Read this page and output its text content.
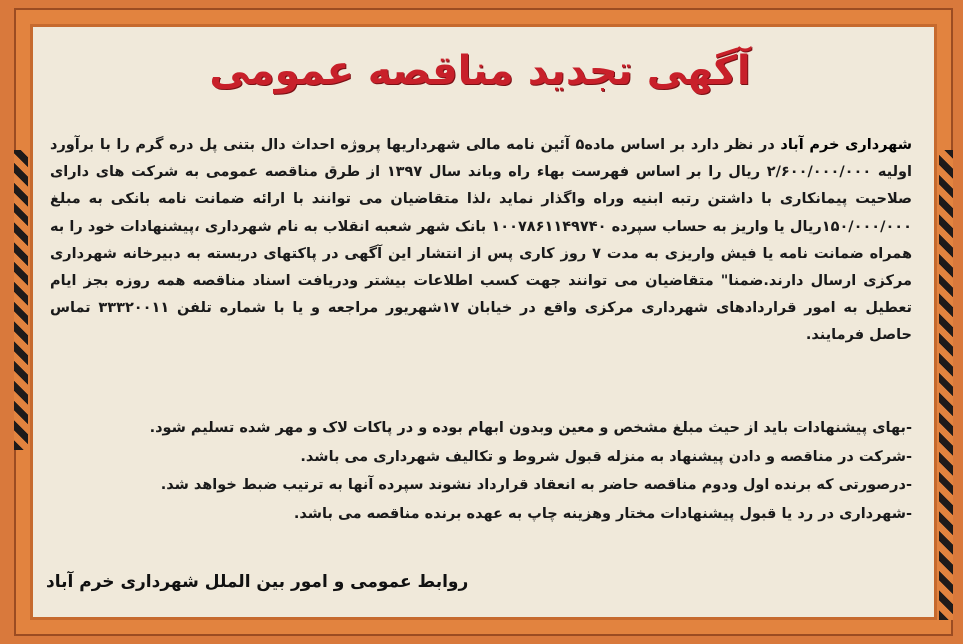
آگهی تجدید مناقصه عمومی
شهرداری خرم آباد در نظر دارد بر اساس ماده۵ آئین نامه مالی شهرداریها پروژه احداث دال بتنی پل دره گرم را با برآورد اولیه ۲/۶۰۰/۰۰۰/۰۰۰ ریال را بر اساس فهرست بهاء راه وباند سال ۱۳۹۷ از طرق مناقصه عمومی به شرکت های دارای صلاحیت پیمانکاری با داشتن رتبه ابنیه وراه واگذار نماید ،لذا متقاضیان می توانند با ارائه ضمانت نامه بانکی به مبلغ ۱۵۰/۰۰۰/۰۰۰ریال یا واریز به حساب سپرده ۱۰۰۷۸۶۱۱۴۹۷۴۰ بانک شهر شعبه انقلاب به نام شهرداری ،پیشنهادات خود را به همراه ضمانت نامه یا فیش واریزی به مدت ۷ روز کاری پس از انتشار این آگهی در پاکتهای دربسته به دبیرخانه شهرداری مرکزی ارسال دارند.ضمنا" متقاضیان می توانند جهت کسب اطلاعات بیشتر ودریافت اسناد مناقصه همه روزه بجز ایام تعطیل به امور قراردادهای شهرداری مرکزی واقع در خیابان ۱۷شهریور مراجعه و یا با شماره تلفن ۳۳۳۲۰۰۱۱ تماس حاصل فرمایند.
-بهای پیشنهادات باید از حیث مبلغ مشخص و معین وبدون ابهام بوده و در پاکات لاک و مهر شده تسلیم شود.
-شرکت در مناقصه و دادن پیشنهاد به منزله قبول شروط و تکالیف شهرداری می باشد.
-درصورتی که برنده اول ودوم مناقصه حاضر به انعقاد قرارداد نشوند سپرده آنها به ترتیب ضبط خواهد شد.
-شهرداری در رد یا قبول پیشنهادات مختار وهزینه چاپ به عهده برنده مناقصه می باشد.
روابط عمومی و امور بین الملل شهرداری خرم آباد
